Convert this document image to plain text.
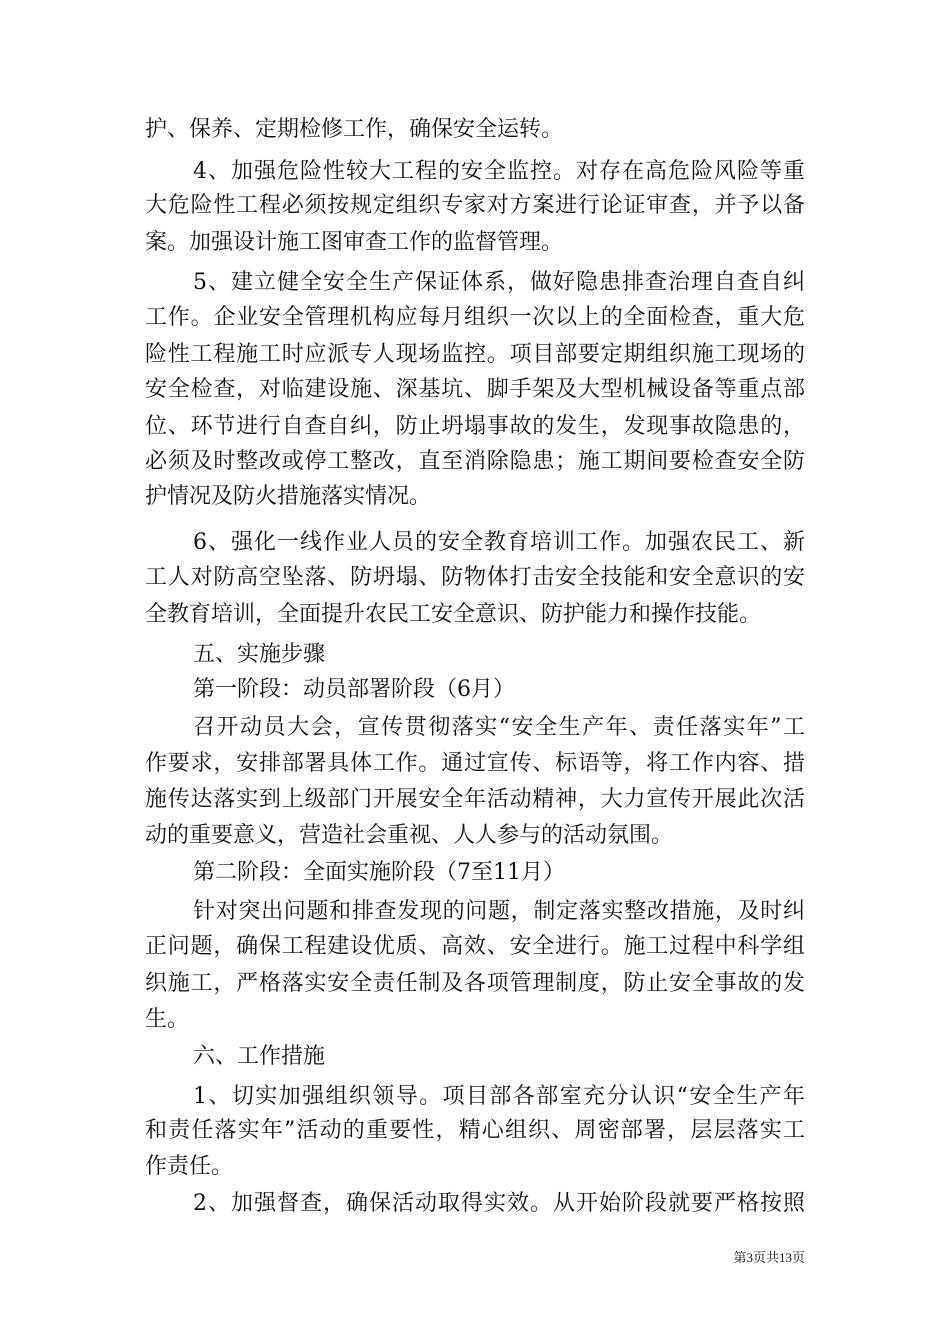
护、保养、定期检修工作，确保安全运转。
4、加强危险性较大工程的安全监控。对存在高危险风险等重
大危险性工程必须按规定组织专家对方案进行论证审查，并予以备
案。加强设计施工图审查工作的监督管理。
5、建立健全安全生产保证体系，做好隐患排查治理自查自纠
工作。企业安全管理机构应每月组织一次以上的全面检查，重大危
险性工程施工时应派专人现场监控。项目部要定期组织施工现场的
安全检查，对临建设施、深基坑、脚手架及大型机械设备等重点部
位、环节进行自查自纠，防止坍塌事故的发生，发现事故隐患的，
必须及时整改或停工整改，直至消除隐患；施工期间要检查安全防
护情况及防火措施落实情况。
6、强化一线作业人员的安全教育培训工作。加强农民工、新
工人对防高空坠落、防坍塌、防物体打击安全技能和安全意识的安
全教育培训，全面提升农民工安全意识、防护能力和操作技能。
五、实施步骤
第一阶段：动员部署阶段（6月）
召开动员大会，宣传贯彻落实“安全生产年、责任落实年”工
作要求，安排部署具体工作。通过宣传、标语等，将工作内容、措
施传达落实到上级部门开展安全年活动精神，大力宣传开展此次活
动的重要意义，营造社会重视、人人参与的活动氛围。
第二阶段：全面实施阶段（7至11月）
针对突出问题和排查发现的问题，制定落实整改措施，及时纠
正问题，确保工程建设优质、高效、安全进行。施工过程中科学组
织施工，严格落实安全责任制及各项管理制度，防止安全事故的发
生。
六、工作措施
1、切实加强组织领导。项目部各部室充分认识“安全生产年
和责任落实年”活动的重要性，精心组织、周密部署，层层落实工
作责任。
2、加强督查，确保活动取得实效。从开始阶段就要严格按照
第3页共13页
